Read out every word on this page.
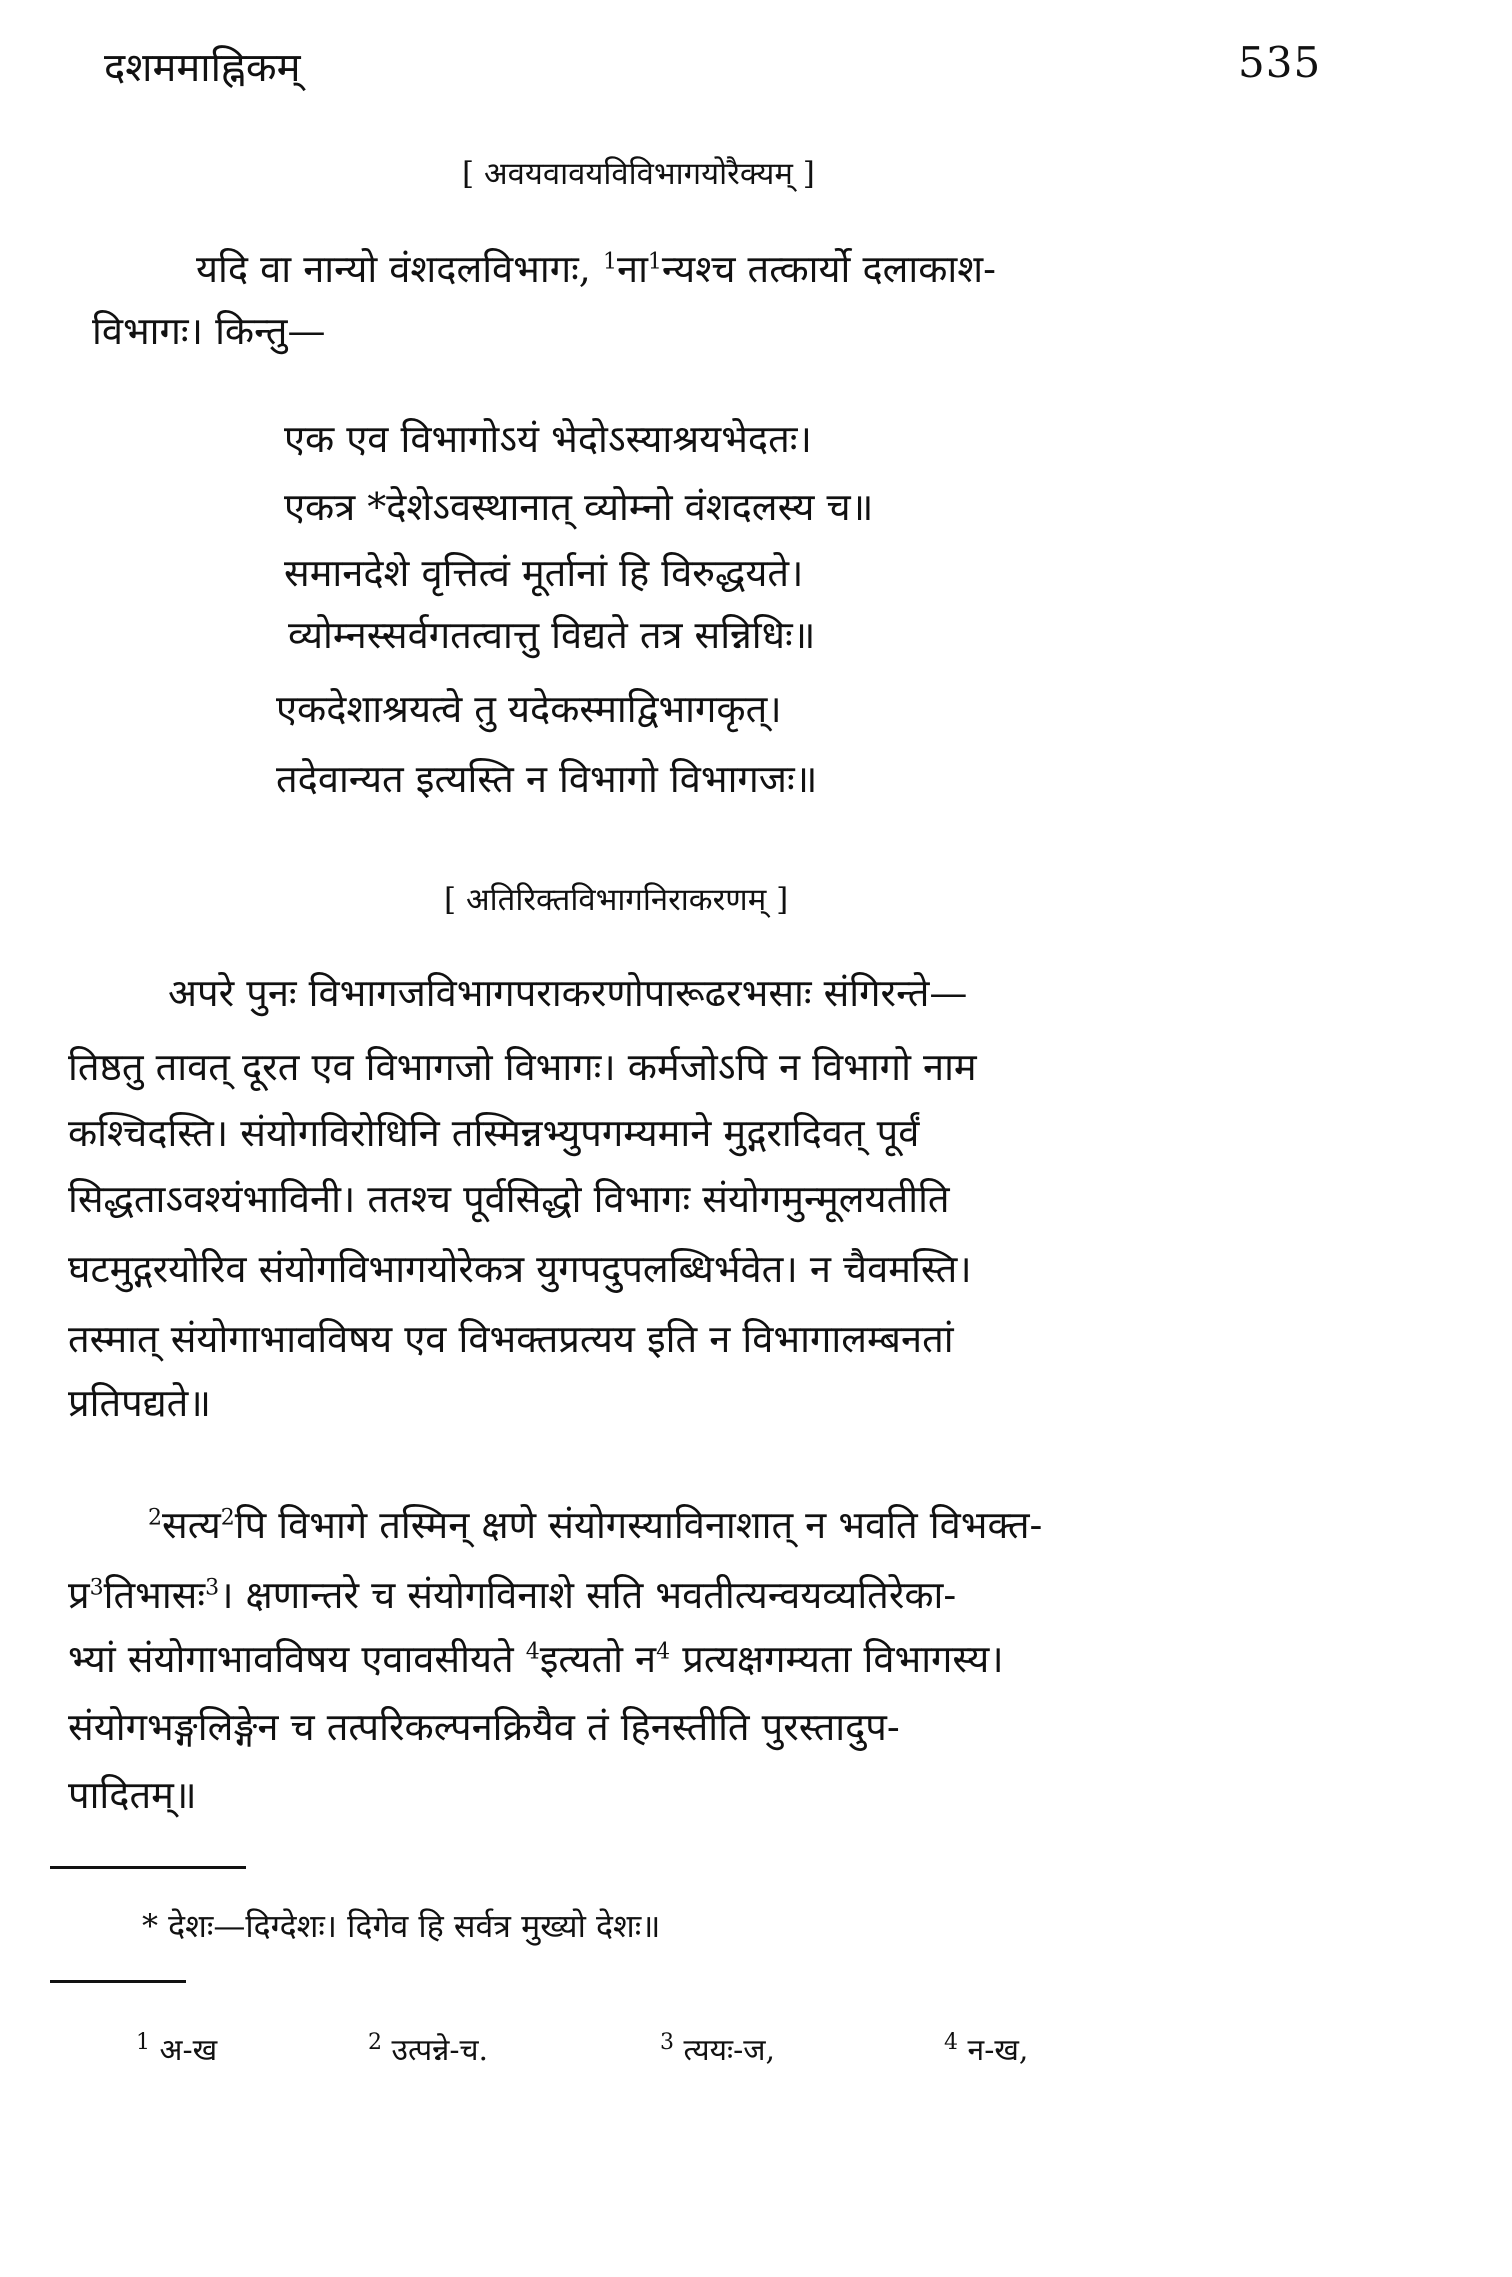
दशममाह्निकम्	535
[ अवयवावयविविभागयोरैक्यम् ]
यदि वा नान्यो वंशदलविभागः, $^1$ना$^1$न्यश्च तत्कार्यो दलाकाश-
विभागः। किन्तु—
एक एव विभागोऽयं भेदोऽस्याश्रयभेदतः।
एकत्र *देशेऽवस्थानात् व्योम्नो वंशदलस्य च॥
समानदेशे वृत्तित्वं मूर्तानां हि विरुद्धयते।
व्योम्नस्सर्वगतत्वात्तु विद्यते तत्र सन्निधिः॥
एकदेशाश्रयत्वे तु यदेकस्माद्विभागकृत्।
तदेवान्यत इत्यस्ति न विभागो विभागजः॥
[ अतिरिक्तविभागनिराकरणम् ]
अपरे पुनः विभागजविभागपराकरणोपारूढरभसाः संगिरन्ते—
तिष्ठतु तावत् दूरत एव विभागजो विभागः। कर्मजोऽपि न विभागो नाम
कश्चिदस्ति। संयोगविरोधिनि तस्मिन्नभ्युपगम्यमाने मुद्गरादिवत् पूर्वं
सिद्धताऽवश्यंभाविनी। ततश्च पूर्वसिद्धो विभागः संयोगमुन्मूलयतीति
घटमुद्गरयोरिव संयोगविभागयोरेकत्र युगपदुपलब्धिर्भवेत। न चैवमस्ति।
तस्मात् संयोगाभावविषय एव विभक्तप्रत्यय इति न विभागालम्बनतां
प्रतिपद्यते॥
$^2$सत्य$^2$पि विभागे तस्मिन् क्षणे संयोगस्याविनाशात् न भवति विभक्त-
प्र$^3$तिभासः$^3$। क्षणान्तरे च संयोगविनाशे सति भवतीत्यन्वयव्यतिरेका-
भ्यां संयोगाभावविषय एवावसीयते $^4$इत्यतो न$^4$ प्रत्यक्षगम्यता विभागस्य।
संयोगभङ्गलिङ्गेन च तत्परिकल्पनक्रियैव तं हिनस्तीति पुरस्तादुप-
पादितम्॥
* देशः—दिग्देशः। दिगेव हि सर्वत्र मुख्यो देशः॥
$^1$ अ-ख	$^2$ उत्पन्ने-च.	$^3$ त्ययः-ज,	$^4$ न-ख,
